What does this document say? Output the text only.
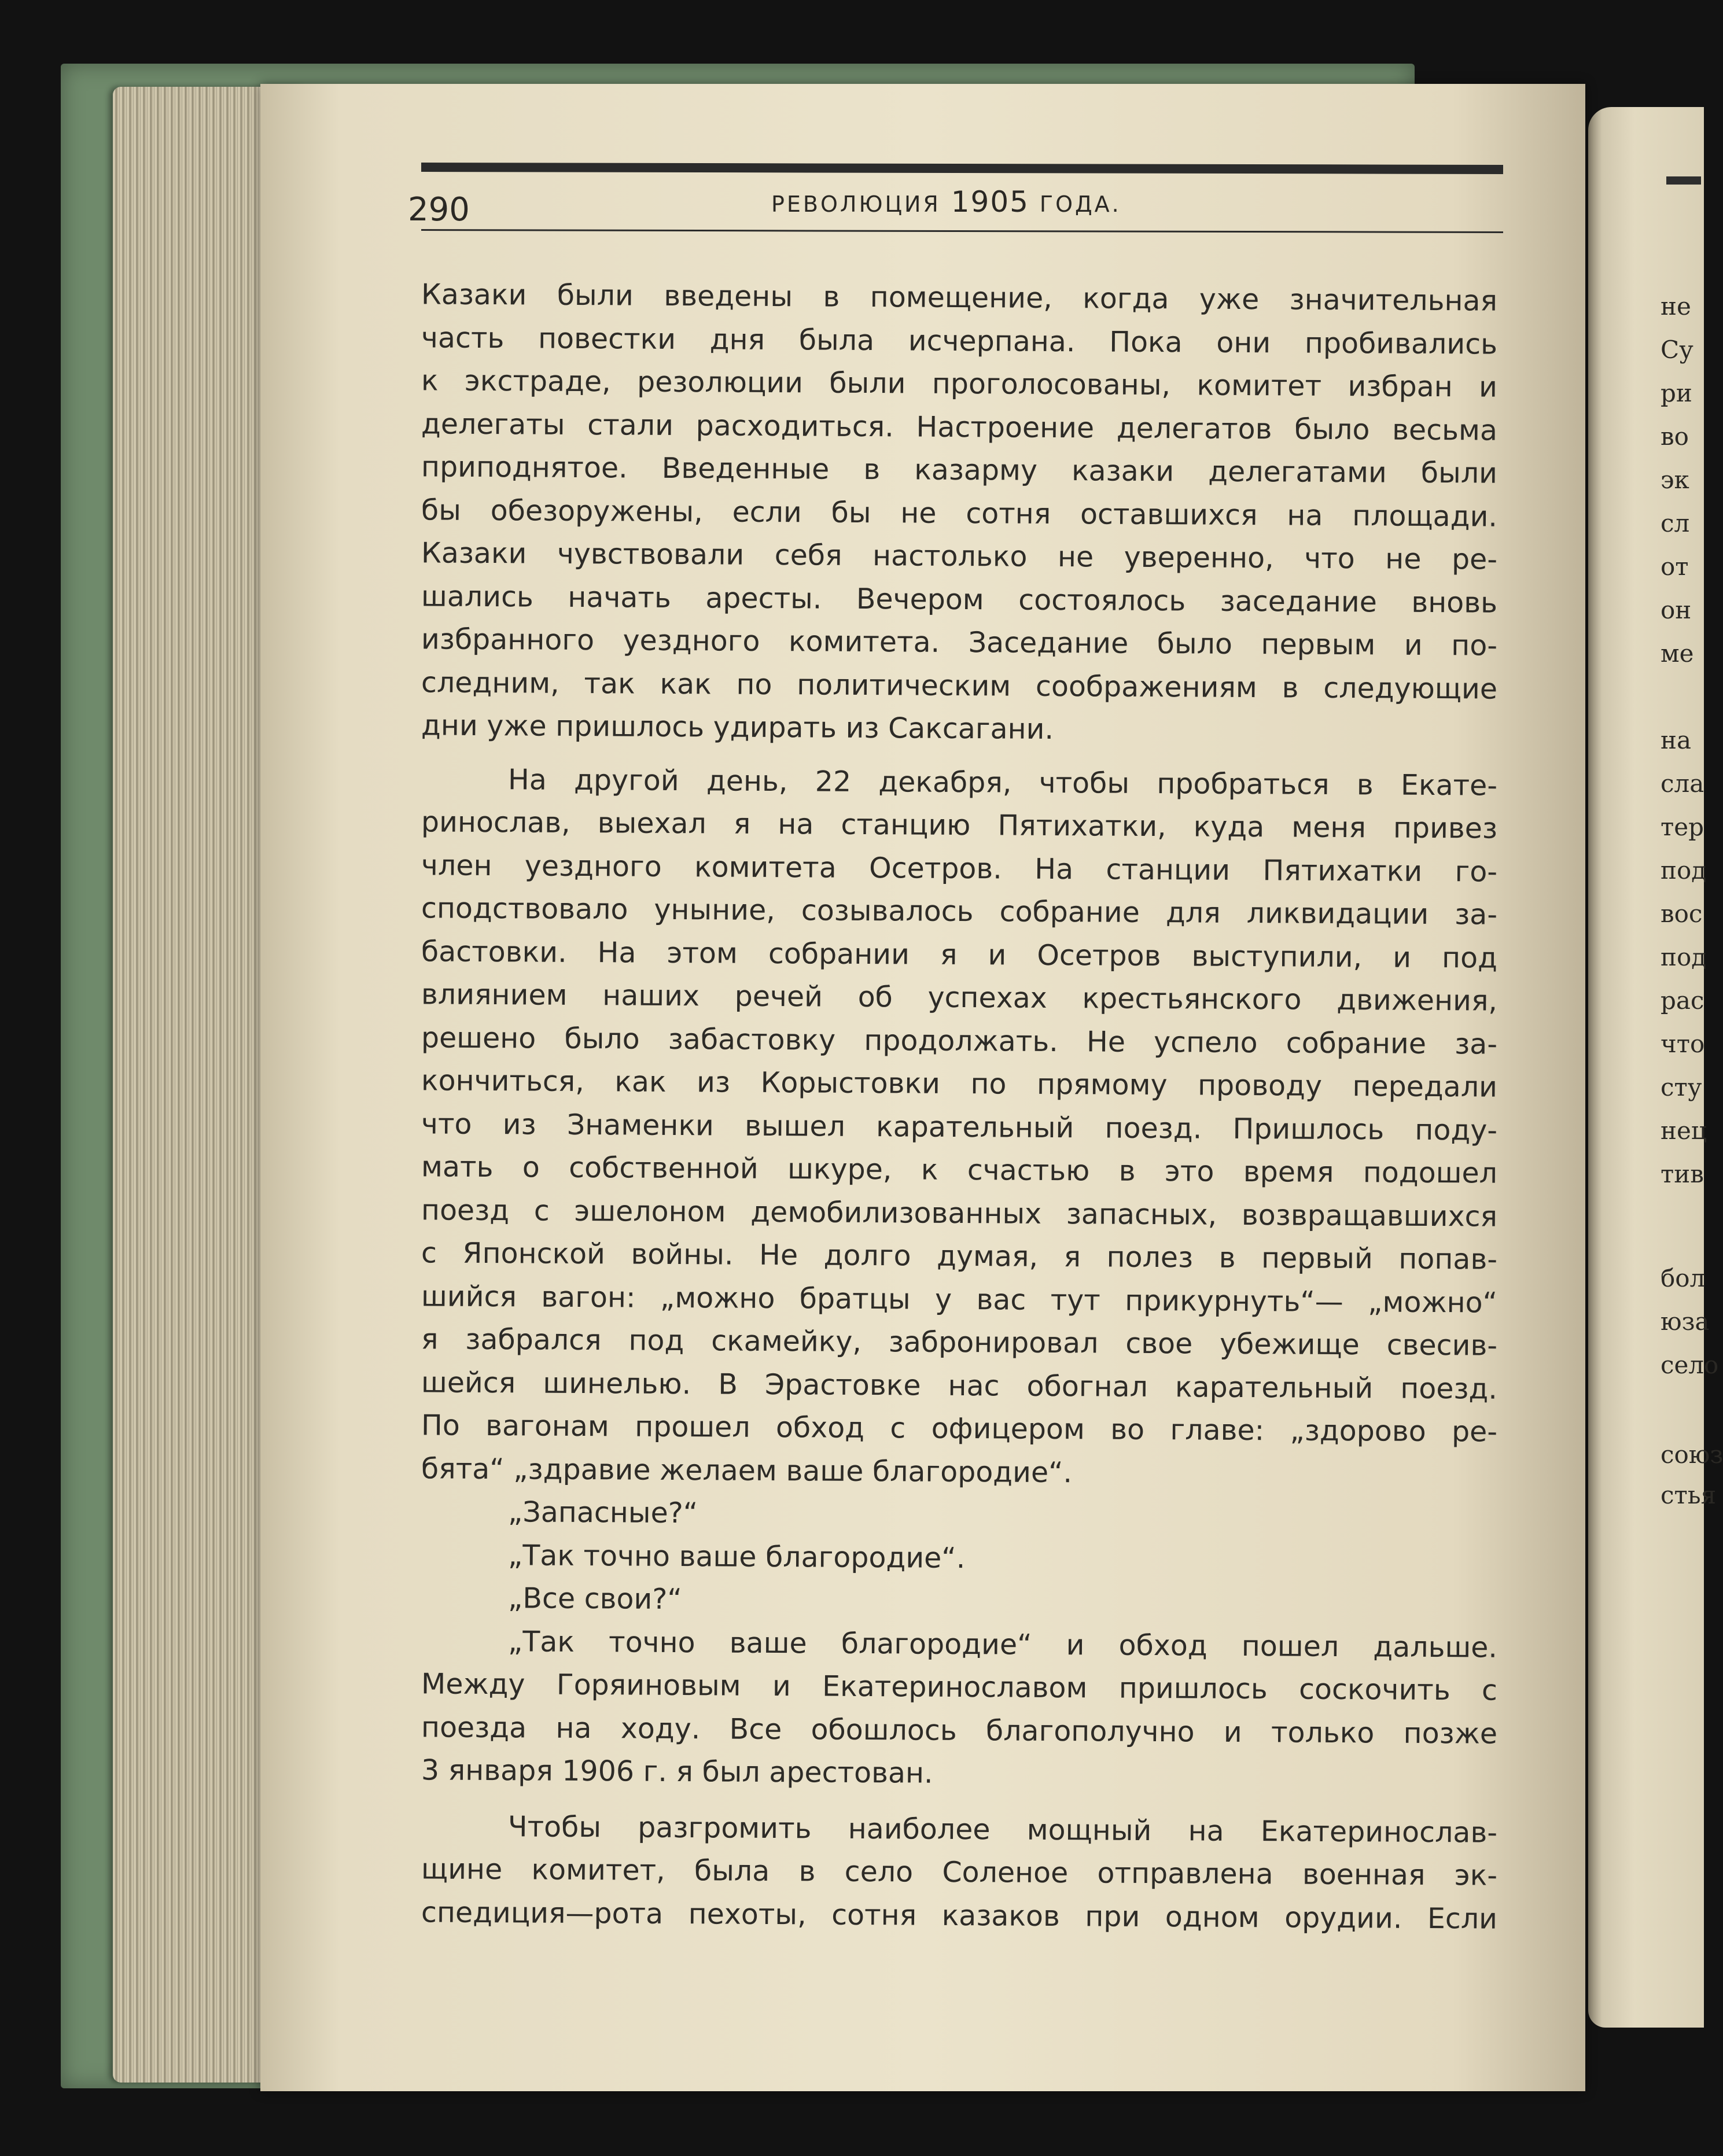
290	РЕВОЛЮЦИЯ 1905 ГОДА.
Казаки были введены в помещение, когда уже значительная
часть повестки дня была исчерпана. Пока они пробивались
к экстраде, резолюции были проголосованы, комитет избран и
делегаты стали расходиться. Настроение делегатов было весьма
приподнятое. Введенные в казарму казаки делегатами были
бы обезоружены, если бы не сотня оставшихся на площади.
Казаки чувствовали себя настолько не уверенно, что не ре-
шались начать аресты. Вечером состоялось заседание вновь
избранного уездного комитета. Заседание было первым и по-
следним, так как по политическим соображениям в следующие
дни уже пришлось удирать из Саксагани.
На другой день, 22 декабря, чтобы пробраться в Екате-
ринослав, выехал я на станцию Пятихатки, куда меня привез
член уездного комитета Осетров. На станции Пятихатки го-
сподствовало уныние, созывалось собрание для ликвидации за-
бастовки. На этом собрании я и Осетров выступили, и под
влиянием наших речей об успехах крестьянского движения,
решено было забастовку продолжать. Не успело собрание за-
кончиться, как из Корыстовки по прямому проводу передали
что из Знаменки вышел карательный поезд. Пришлось поду-
мать о собственной шкуре, к счастью в это время подошел
поезд с эшелоном демобилизованных запасных, возвращавшихся
с Японской войны. Не долго думая, я полез в первый попав-
шийся вагон: „можно братцы у вас тут прикурнуть“— „можно“
я забрался под скамейку, забронировал свое убежище свесив-
шейся шинелью. В Эрастовке нас обогнал карательный поезд.
По вагонам прошел обход с офицером во главе: „здорово ре-
бята“ „здравие желаем ваше благородие“.
„Запасные?“
„Так точно ваше благородие“.
„Все свои?“
„Так точно ваше благородие“ и обход пошел дальше.
Между Горяиновым и Екатеринославом пришлось соскочить с
поезда на ходу. Все обошлось благополучно и только позже
3 января 1906 г. я был арестован.
Чтобы разгромить наиболее мощный на Екатеринослав-
щине комитет, была в село Соленое отправлена военная эк-
спедиция—рота пехоты, сотня казаков при одном орудии. Если
не
Су
ри
во
эк
сл
от
он
ме
на
сла
тер
под
вос
под
рас
что
сту
нец
тив
бол
юза
село
союз
стья
